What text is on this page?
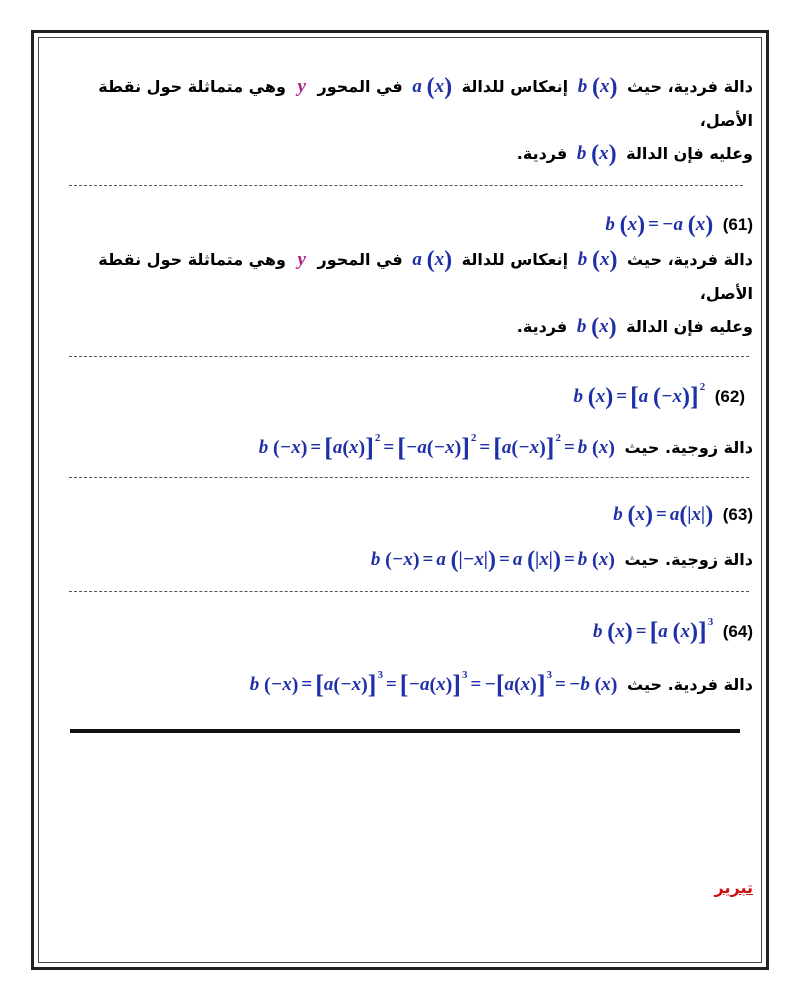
دالة فردية، حيث b (x) إنعكاس للدالة a (x) في المحور y وهي متماثلة حول نقطة الأصل،
وعليه فإن الدالة b (x) فردية.
(61) b (x) = −a (x)
دالة فردية، حيث b (x) إنعكاس للدالة a (x) في المحور y وهي متماثلة حول نقطة الأصل،
وعليه فإن الدالة b (x) فردية.
(62) b (x) = [a (−x)]$^2$
دالة زوجية. حيث b $(-x) = [a(x)]^2 = [-a(-x)]^2 = [a(-x)]^2 = b$ (x)
(63) b (x) = a(|x|)
دالة زوجية. حيث b (−x) = a (|−x|) = a (|x|) = b (x)
(64) b (x) = [a (x)]$^3$
دالة فردية. حيث b $(-x) = [a(-x)]^3 = [-a(x)]^3 = -[a(x)]^3 = -b$ (x)
تبرير
